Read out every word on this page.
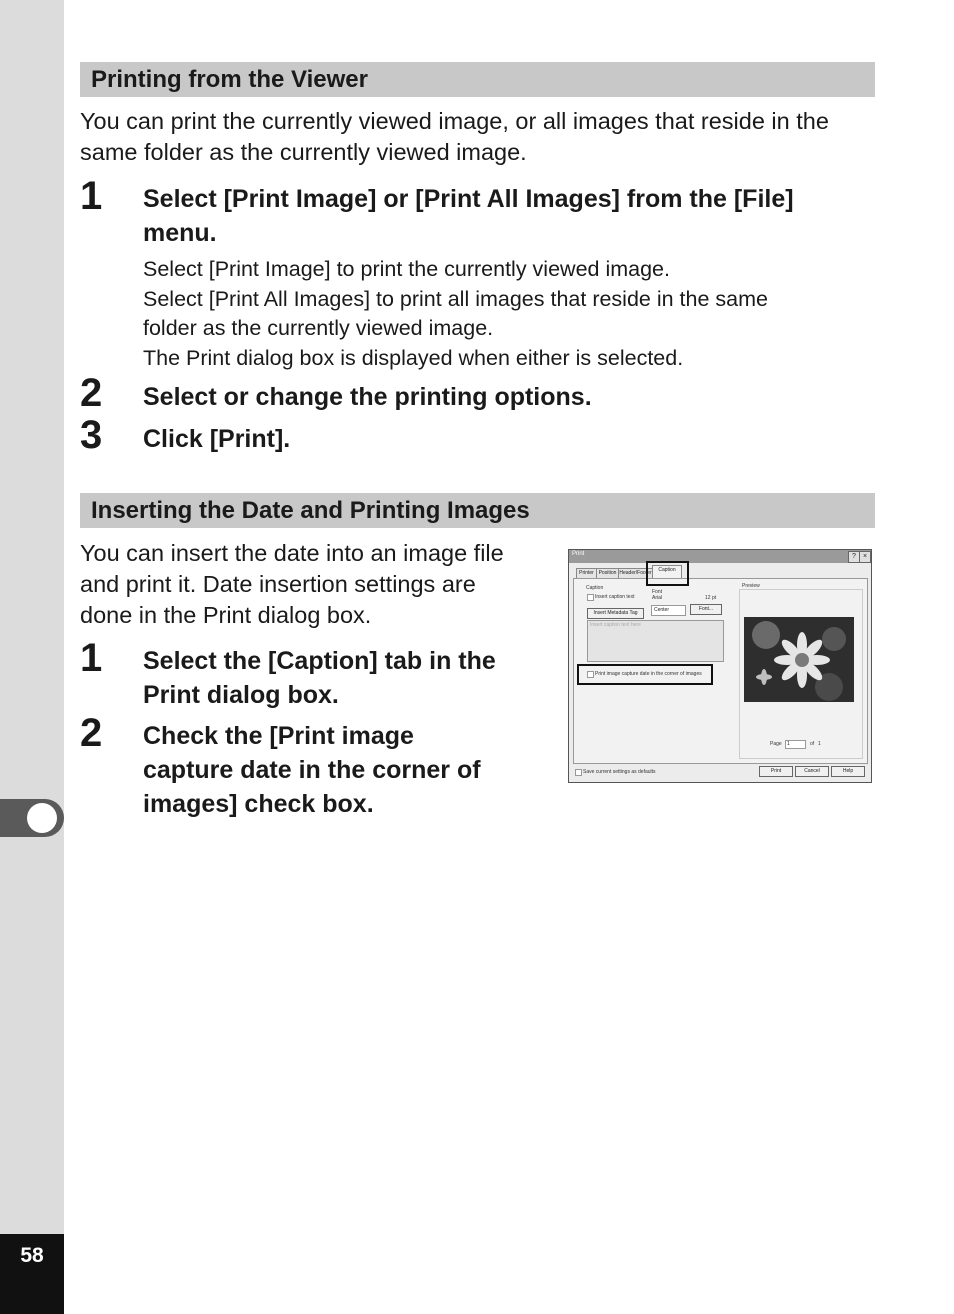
58
Printing from the Viewer
You can print the currently viewed image, or all images that reside in the
same folder as the currently viewed image.
1 Select [Print Image] or [Print All Images] from the [File]
menu.
Select [Print Image] to print the currently viewed image.
Select [Print All Images] to print all images that reside in the same
folder as the currently viewed image.
The Print dialog box is displayed when either is selected.
2 Select or change the printing options.
3 Click [Print].
Inserting the Date and Printing Images
You can insert the date into an image file
and print it. Date insertion settings are
done in the Print dialog box.
1 Select the [Caption] tab in the
Print dialog box.
2 Check the [Print image
capture date in the corner of
images] check box.
Print	?	×
Printer Position Header/Footer	Caption
Caption
Insert caption text
Font
Arial	12 pt
Insert Metadata Tag	Center	Font...
Insert caption text here
Print image capture date in the corner of images
Preview
Page	1	of 1
Save current settings as defaults	Print	Cancel	Help
